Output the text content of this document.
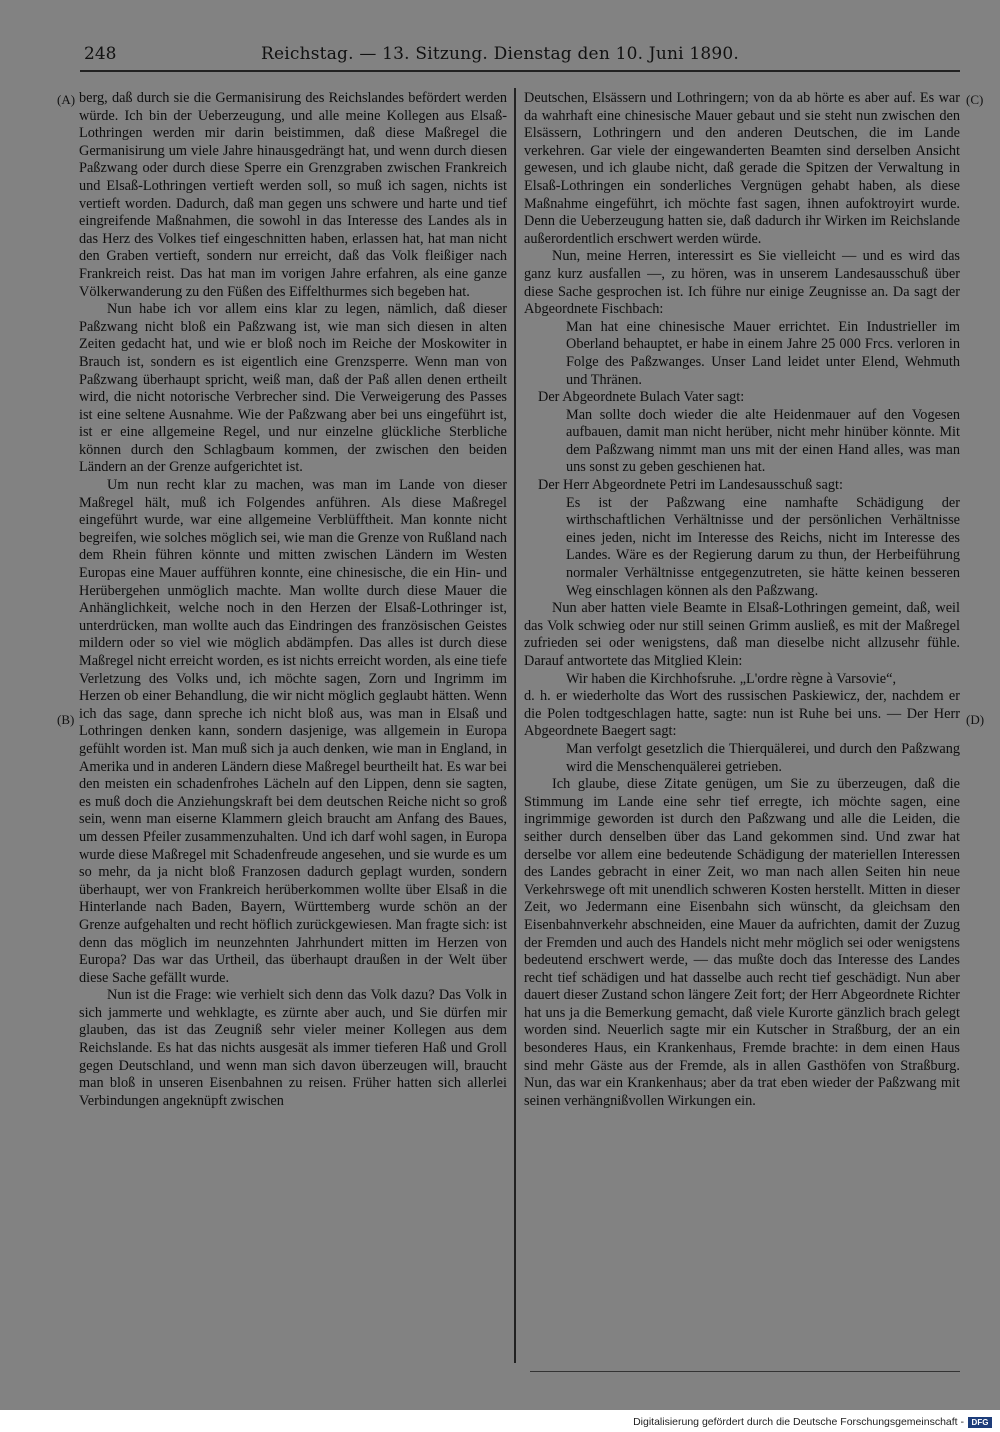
248	Reichstag. — 13. Sitzung. Dienstag den 10. Juni 1890.
(A)
(B)
(C)
(D)

berg, daß durch sie die Germanisirung des Reichslandes befördert werden würde. Ich bin der Ueberzeugung, und alle meine Kollegen aus Elsaß-Lothringen werden mir darin beistimmen, daß diese Maßregel die Germanisirung um viele Jahre hinausgedrängt hat, und wenn durch diesen Paßzwang oder durch diese Sperre ein Grenzgraben zwischen Frankreich und Elsaß-Lothringen vertieft werden soll, so muß ich sagen, nichts ist vertieft worden. Dadurch, daß man gegen uns schwere und harte und tief eingreifende Maßnahmen, die sowohl in das Interesse des Landes als in das Herz des Volkes tief eingeschnitten haben, erlassen hat, hat man nicht den Graben vertieft, sondern nur erreicht, daß das Volk fleißiger nach Frankreich reist. Das hat man im vorigen Jahre erfahren, als eine ganze Völkerwanderung zu den Füßen des Eiffelthurmes sich begeben hat.

Nun habe ich vor allem eins klar zu legen, nämlich, daß dieser Paßzwang nicht bloß ein Paßzwang ist, wie man sich diesen in alten Zeiten gedacht hat, und wie er bloß noch im Reiche der Moskowiter in Brauch ist, sondern es ist eigentlich eine Grenzsperre. Wenn man von Paßzwang überhaupt spricht, weiß man, daß der Paß allen denen ertheilt wird, die nicht notorische Verbrecher sind. Die Verweigerung des Passes ist eine seltene Ausnahme. Wie der Paßzwang aber bei uns eingeführt ist, ist er eine allgemeine Regel, und nur einzelne glückliche Sterbliche können durch den Schlagbaum kommen, der zwischen den beiden Ländern an der Grenze aufgerichtet ist.

Um nun recht klar zu machen, was man im Lande von dieser Maßregel hält, muß ich Folgendes anführen. Als diese Maßregel eingeführt wurde, war eine allgemeine Verblüfftheit. Man konnte nicht begreifen, wie solches möglich sei, wie man die Grenze von Rußland nach dem Rhein führen könnte und mitten zwischen Ländern im Westen Europas eine Mauer aufführen konnte, eine chinesische, die ein Hin- und Herübergehen unmöglich machte. Man wollte durch diese Mauer die Anhänglichkeit, welche noch in den Herzen der Elsaß-Lothringer ist, unterdrücken, man wollte auch das Eindringen des französischen Geistes mildern oder so viel wie möglich abdämpfen. Das alles ist durch diese Maßregel nicht erreicht worden, es ist nichts erreicht worden, als eine tiefe Verletzung des Volks und, ich möchte sagen, Zorn und Ingrimm im Herzen ob einer Behandlung, die wir nicht möglich geglaubt hätten. Wenn ich das sage, dann spreche ich nicht bloß aus, was man in Elsaß und Lothringen denken kann, sondern dasjenige, was allgemein in Europa gefühlt worden ist. Man muß sich ja auch denken, wie man in England, in Amerika und in anderen Ländern diese Maßregel beurtheilt hat. Es war bei den meisten ein schadenfrohes Lächeln auf den Lippen, denn sie sagten, es muß doch die Anziehungskraft bei dem deutschen Reiche nicht so groß sein, wenn man eiserne Klammern gleich braucht am Anfang des Baues, um dessen Pfeiler zusammenzuhalten. Und ich darf wohl sagen, in Europa wurde diese Maßregel mit Schadenfreude angesehen, und sie wurde es um so mehr, da ja nicht bloß Franzosen dadurch geplagt wurden, sondern überhaupt, wer von Frankreich herüberkommen wollte über Elsaß in die Hinterlande nach Baden, Bayern, Württemberg wurde schön an der Grenze aufgehalten und recht höflich zurückgewiesen. Man fragte sich: ist denn das möglich im neunzehnten Jahrhundert mitten im Herzen von Europa? Das war das Urtheil, das überhaupt draußen in der Welt über diese Sache gefällt wurde.

Nun ist die Frage: wie verhielt sich denn das Volk dazu? Das Volk in sich jammerte und wehklagte, es zürnte aber auch, und Sie dürfen mir glauben, das ist das Zeugniß sehr vieler meiner Kollegen aus dem Reichslande. Es hat das nichts ausgesät als immer tieferen Haß und Groll gegen Deutschland, und wenn man sich davon überzeugen will, braucht man bloß in unseren Eisenbahnen zu reisen. Früher hatten sich allerlei Verbindungen angeknüpft zwischen

Deutschen, Elsässern und Lothringern; von da ab hörte es aber auf. Es war da wahrhaft eine chinesische Mauer gebaut und sie steht nun zwischen den Elsässern, Lothringern und den anderen Deutschen, die im Lande verkehren. Gar viele der eingewanderten Beamten sind derselben Ansicht gewesen, und ich glaube nicht, daß gerade die Spitzen der Verwaltung in Elsaß-Lothringen ein sonderliches Vergnügen gehabt haben, als diese Maßnahme eingeführt, ich möchte fast sagen, ihnen aufoktroyirt wurde. Denn die Ueberzeugung hatten sie, daß dadurch ihr Wirken im Reichslande außerordentlich erschwert werden würde.

Nun, meine Herren, interessirt es Sie vielleicht — und es wird das ganz kurz ausfallen —, zu hören, was in unserem Landesausschuß über diese Sache gesprochen ist. Ich führe nur einige Zeugnisse an. Da sagt der Abgeordnete Fischbach:

Man hat eine chinesische Mauer errichtet. Ein Industrieller im Oberland behauptet, er habe in einem Jahre 25 000 Frcs. verloren in Folge des Paßzwanges. Unser Land leidet unter Elend, Wehmuth und Thränen.

Der Abgeordnete Bulach Vater sagt:

Man sollte doch wieder die alte Heidenmauer auf den Vogesen aufbauen, damit man nicht herüber, nicht mehr hinüber könnte. Mit dem Paßzwang nimmt man uns mit der einen Hand alles, was man uns sonst zu geben geschienen hat.

Der Herr Abgeordnete Petri im Landesausschuß sagt:

Es ist der Paßzwang eine namhafte Schädigung der wirthschaftlichen Verhältnisse und der persönlichen Verhältnisse eines jeden, nicht im Interesse des Reichs, nicht im Interesse des Landes. Wäre es der Regierung darum zu thun, der Herbeiführung normaler Verhältnisse entgegenzutreten, sie hätte keinen besseren Weg einschlagen können als den Paßzwang.

Nun aber hatten viele Beamte in Elsaß-Lothringen gemeint, daß, weil das Volk schwieg oder nur still seinen Grimm ausließ, es mit der Maßregel zufrieden sei oder wenigstens, daß man dieselbe nicht allzusehr fühle. Darauf antwortete das Mitglied Klein:

Wir haben die Kirchhofsruhe. „L'ordre règne à Varsovie“,

d. h. er wiederholte das Wort des russischen Paskiewicz, der, nachdem er die Polen todtgeschlagen hatte, sagte: nun ist Ruhe bei uns. — Der Herr Abgeordnete Baegert sagt:

Man verfolgt gesetzlich die Thierquälerei, und durch den Paßzwang wird die Menschenquälerei getrieben.

Ich glaube, diese Zitate genügen, um Sie zu überzeugen, daß die Stimmung im Lande eine sehr tief erregte, ich möchte sagen, eine ingrimmige geworden ist durch den Paßzwang und alle die Leiden, die seither durch denselben über das Land gekommen sind. Und zwar hat derselbe vor allem eine bedeutende Schädigung der materiellen Interessen des Landes gebracht in einer Zeit, wo man nach allen Seiten hin neue Verkehrswege oft mit unendlich schweren Kosten herstellt. Mitten in dieser Zeit, wo Jedermann eine Eisenbahn sich wünscht, da gleichsam den Eisenbahnverkehr abschneiden, eine Mauer da aufrichten, damit der Zuzug der Fremden und auch des Handels nicht mehr möglich sei oder wenigstens bedeutend erschwert werde, — das mußte doch das Interesse des Landes recht tief schädigen und hat dasselbe auch recht tief geschädigt. Nun aber dauert dieser Zustand schon längere Zeit fort; der Herr Abgeordnete Richter hat uns ja die Bemerkung gemacht, daß viele Kurorte gänzlich brach gelegt worden sind. Neuerlich sagte mir ein Kutscher in Straßburg, der an ein besonderes Haus, ein Krankenhaus, Fremde brachte: in dem einen Haus sind mehr Gäste aus der Fremde, als in allen Gasthöfen von Straßburg. Nun, das war ein Krankenhaus; aber da trat eben wieder der Paßzwang mit seinen verhängnißvollen Wirkungen ein.

Digitalisierung gefördert durch die Deutsche Forschungsgemeinschaft - DFG
